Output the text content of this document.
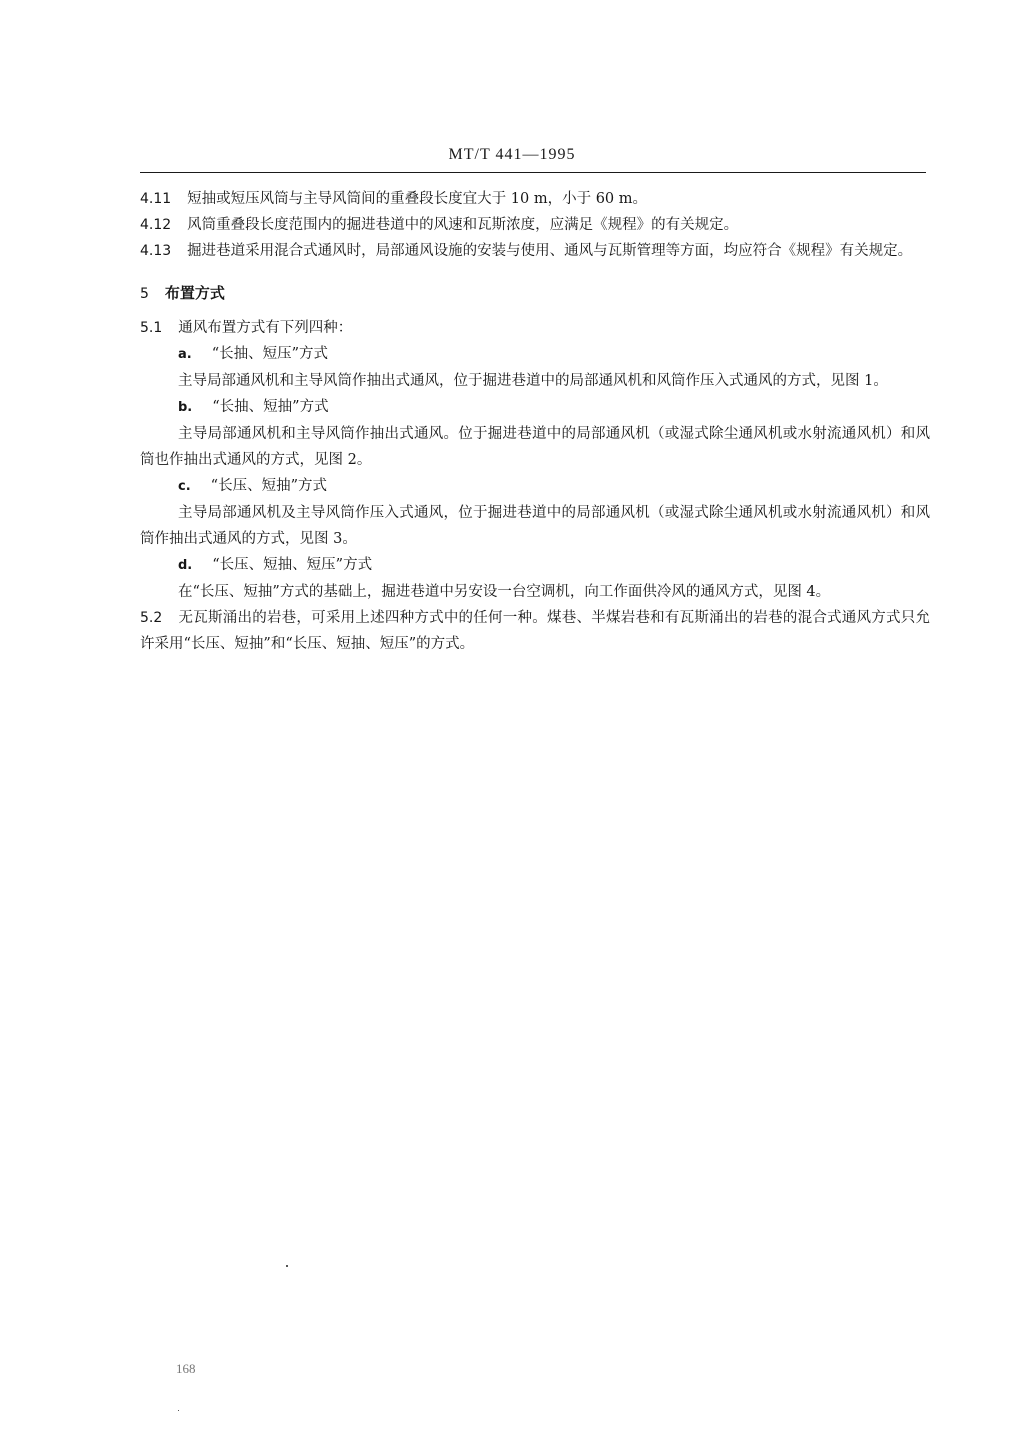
MT/T 441—1995

4.11 短抽或短压风筒与主导风筒间的重叠段长度宜大于 10 m，小于 60 m。

4.12 风筒重叠段长度范围内的掘进巷道中的风速和瓦斯浓度，应满足《规程》的有关规定。

4.13 掘进巷道采用混合式通风时，局部通风设施的安装与使用、通风与瓦斯管理等方面，均应符合《规程》有关规定。

5 布置方式

5.1 通风布置方式有下列四种：

a. “长抽、短压”方式

主导局部通风机和主导风筒作抽出式通风，位于掘进巷道中的局部通风机和风筒作压入式通风的方式，见图 1。

b. “长抽、短抽”方式

主导局部通风机和主导风筒作抽出式通风。位于掘进巷道中的局部通风机（或湿式除尘通风机或水射流通风机）和风筒也作抽出式通风的方式，见图 2。

c. “长压、短抽”方式

主导局部通风机及主导风筒作压入式通风，位于掘进巷道中的局部通风机（或湿式除尘通风机或水射流通风机）和风筒作抽出式通风的方式，见图 3。

d. “长压、短抽、短压”方式

在“长压、短抽”方式的基础上，掘进巷道中另安设一台空调机，向工作面供冷风的通风方式，见图 4。

5.2 无瓦斯涌出的岩巷，可采用上述四种方式中的任何一种。煤巷、半煤岩巷和有瓦斯涌出的岩巷的混合式通风方式只允许采用“长压、短抽”和“长压、短抽、短压”的方式。

168
